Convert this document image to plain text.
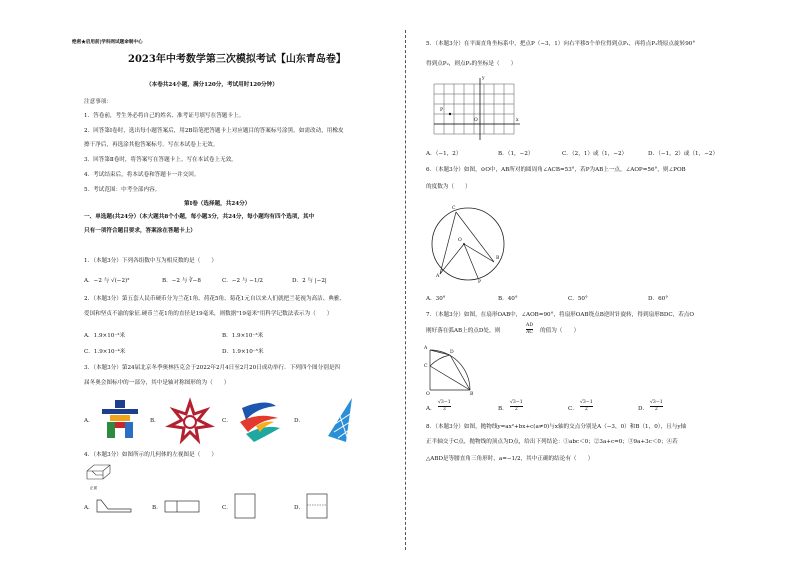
绝密★启用前|学科网试题命制中心
2023年中考数学第三次模拟考试【山东青岛卷】
（本卷共24小题，满分120分，考试用时120分钟）
注意事项：
1．答卷前，考生务必将自己的姓名、准考证号填写在答题卡上。
2．回答第Ⅰ卷时，选出每小题答案后，用2B铅笔把答题卡上对应题目的答案标号涂黑。如需改动，用橡皮
擦干净后，再选涂其他答案标号。写在本试卷上无效。
3．回答第Ⅱ卷时，将答案写在答题卡上。写在本试卷上无效。
4．考试结束后，将本试卷和答题卡一并交回。
5．考试范围：中考全部内容。
第Ⅰ卷（选择题，共24分）
一、单选题(共24分）（本大题共8个小题，每小题3分，共24分，每小题均有四个选项，其中
只有一项符合题目要求，答案涂在答题卡上）
1．（本题3分）下列各组数中互为相反数的是（　　）
A．−2 与 √(−2)²	B．−2 与 ∛−8	C．−2 与 −1/2	D．2 与 |−2|
2．（本题3分）第五套人民币硬币分为兰花1角、荷花5角、菊花1元自以来人们就把兰花视为高洁、典雅、
爱国和坚贞不渝的象征.硬币兰花1角的直径是19毫米，则数据"19毫米"用科学记数法表示为（　　）
A．1.9×10⁻²米	B．1.9×10⁻³米
C．1.9×10⁻⁴米	D．1.9×10⁻⁵米
3．（本题3分）第24届北京冬季奥林匹克会于2022年2月4日至2月20日成功举行．下列四个图分别是四
届冬奥会图标中的一部分，其中是轴对称图形的为（　　）
A．	B．	C．	D．
4．（本题3分）如图所示的几何体的左视图是（　　）
正面
A．	B．	C．	D．
5．（本题3分）在平面直角坐标系中，把点P（−3，1）向右平移5个单位得到点P₁，再将点P₁绕原点旋转90°
得到点P₂，则点P₂的坐标是（　　）
y
x
P
O
A．（−1，2）	B．（1，−2）	C．（2，1）或（1，−2）	D．（−1，2）或（1，−2）
6．（本题3分）如图，⊙O中，AB所对的圆周角∠ACB=53°，若P为AB上一点，∠AOP=56°，则∠POB
的度数为（　　）
C
O
A
P
B
A．30°	B．40°	C．50°	D．60°
7．（本题3分）如图，在扇形OAB中，∠AOB=90°，将扇形OAB绕点B逆时针旋转，得到扇形BDC，若点O
刚好落在弧AB上的点D处，则	$\frac{AD}{AC}$ 的值为（　　）
A
C
D
O	B
A． $\frac{√3-1}{3}$	B． $\frac{√3-1}{2}$	C． $\frac{√3-1}{2}$	D． $\frac{√3-1}{2}$
8．（本题3分）如图，抛物线y=ax²+bx+c(a≠0)与x轴的交点分别是A（−3，0）和B（1，0），且与y轴
正半轴交于C点，抛物线的顶点为D点，给出下列结论：①abc＜0；②3a+c=0；③9a+3c＜0；④若
△ABD是等腰直角三角形时，a=−1/2，其中正确的结论有（　　）
